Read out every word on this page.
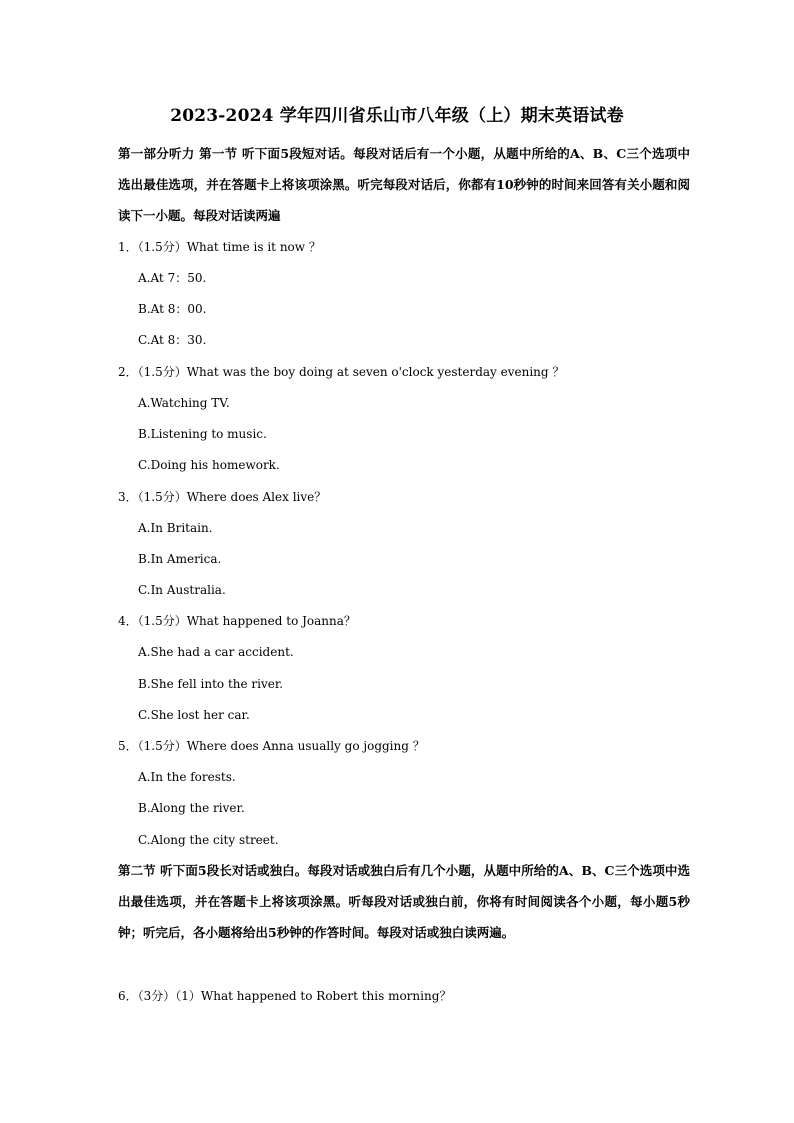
2023-2024 学年四川省乐山市八年级（上）期末英语试卷
第一部分听力 第一节 听下面5段短对话。每段对话后有一个小题，从题中所给的A、B、C三个选项中选出最佳选项，并在答题卡上将该项涂黑。听完每段对话后，你都有10秒钟的时间来回答有关小题和阅读下一小题。每段对话读两遍
1．（1.5分）What time is it now ？
A.At 7：50.
B.At 8：00.
C.At 8：30.
2．（1.5分）What was the boy doing at seven o'clock yesterday evening ？
A.Watching TV.
B.Listening to music.
C.Doing his homework.
3．（1.5分）Where does Alex live？
A.In Britain.
B.In America.
C.In Australia.
4．（1.5分）What happened to Joanna？
A.She had a car accident.
B.She fell into the river.
C.She lost her car.
5．（1.5分）Where does Anna usually go jogging ？
A.In the forests.
B.Along the river.
C.Along the city street.
第二节 听下面5段长对话或独白。每段对话或独白后有几个小题，从题中所给的A、B、C三个选项中选出最佳选项，并在答题卡上将该项涂黑。听每段对话或独白前，你将有时间阅读各个小题，每小题5秒钟；听完后，各小题将给出5秒钟的作答时间。每段对话或独白读两遍。
6．（3分）（1）What happened to Robert this morning？
